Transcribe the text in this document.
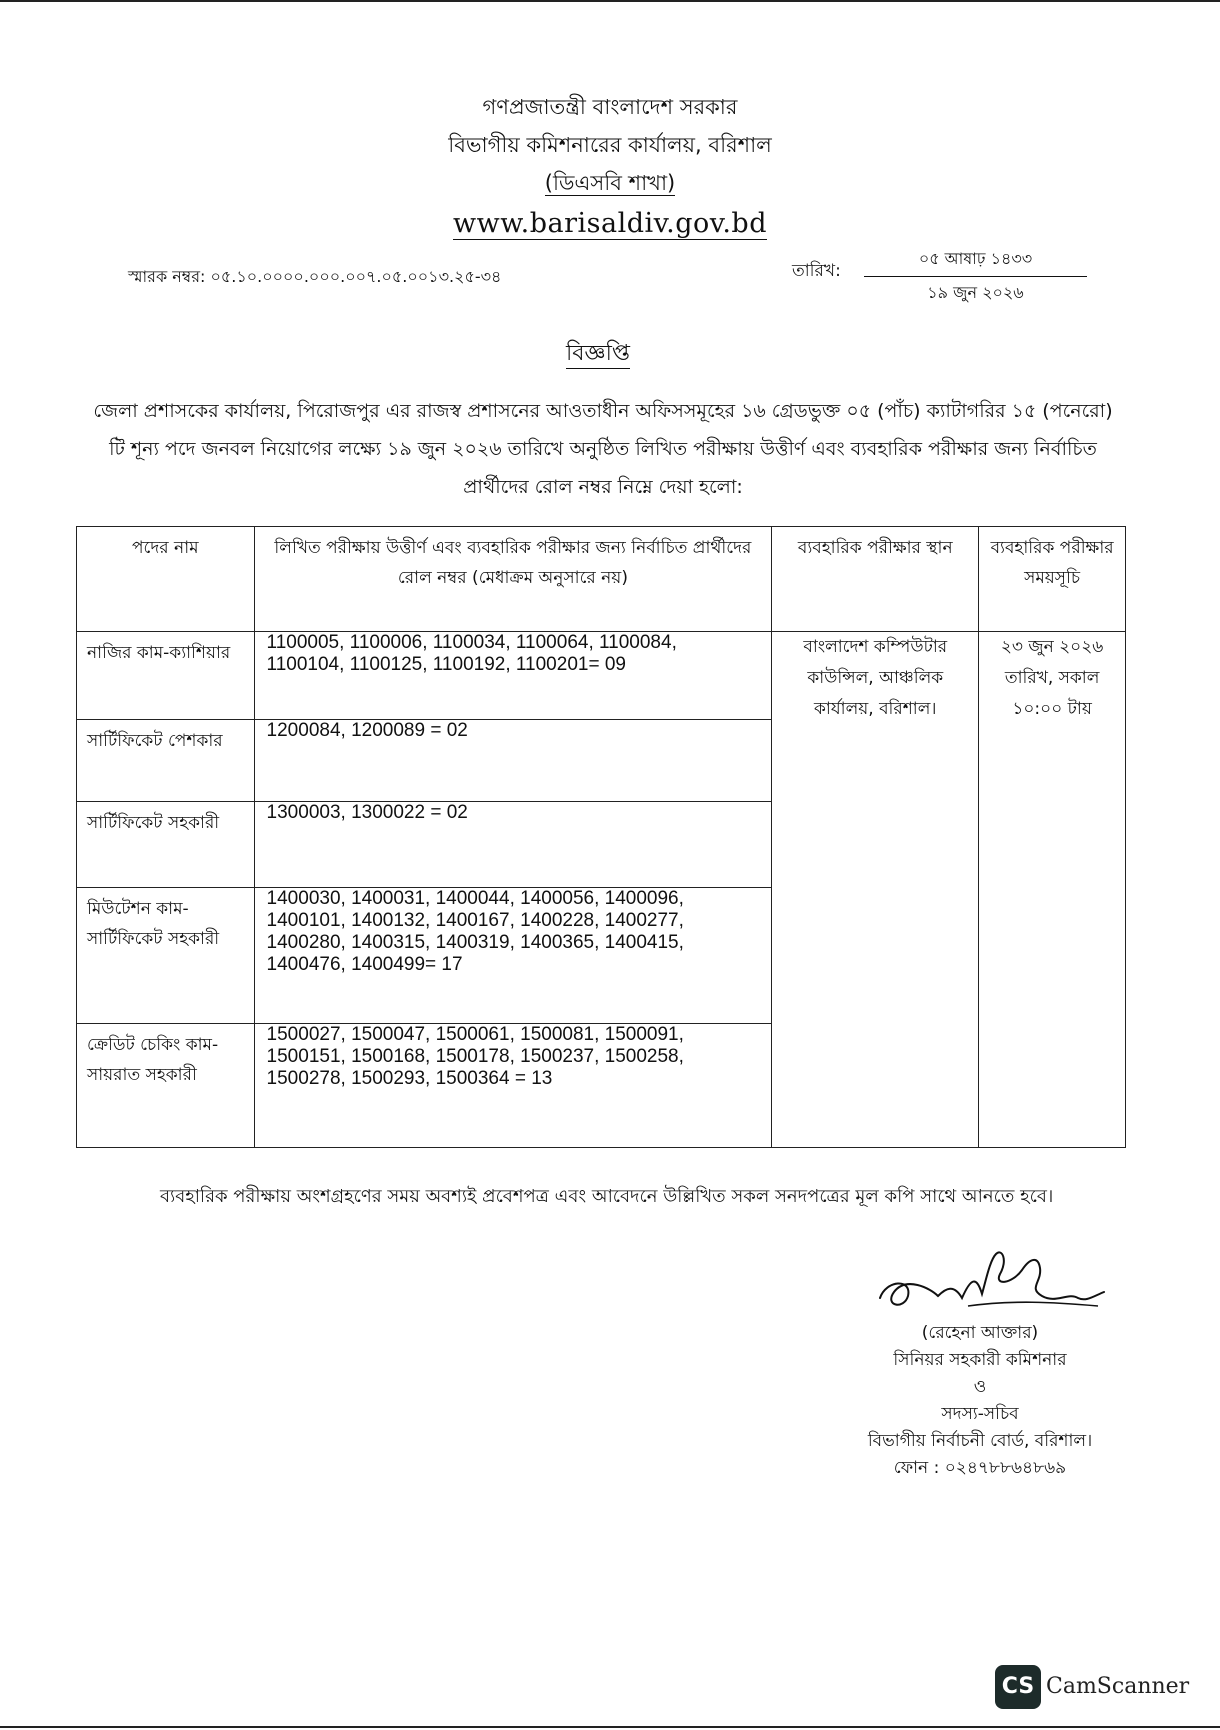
গণপ্রজাতন্ত্রী বাংলাদেশ সরকার
বিভাগীয় কমিশনারের কার্যালয়, বরিশাল
(ডিএসবি শাখা)
www.barisaldiv.gov.bd
স্মারক নম্বর: ০৫.১০.০০০০.০০০.০০৭.০৫.০০১৩.২৫-৩৪	তারিখ:
০৫ আষাঢ় ১৪৩৩
১৯ জুন ২০২৬
বিজ্ঞপ্তি
জেলা প্রশাসকের কার্যালয়, পিরোজপুর এর রাজস্ব প্রশাসনের আওতাধীন অফিসসমূহের ১৬ গ্রেডভুক্ত ০৫ (পাঁচ) ক্যাটাগরির ১৫ (পনেরো) টি শূন্য পদে জনবল নিয়োগের লক্ষ্যে ১৯ জুন ২০২৬ তারিখে অনুষ্ঠিত লিখিত পরীক্ষায় উত্তীর্ণ এবং ব্যবহারিক পরীক্ষার জন্য নির্বাচিত প্রার্থীদের রোল নম্বর নিম্নে দেয়া হলো:
পদের নাম	লিখিত পরীক্ষায় উত্তীর্ণ এবং ব্যবহারিক পরীক্ষার জন্য নির্বাচিত প্রার্থীদের রোল নম্বর (মেধাক্রম অনুসারে নয়)	ব্যবহারিক পরীক্ষার স্থান	ব্যবহারিক পরীক্ষার সময়সূচি
নাজির কাম-ক্যাশিয়ার	1100005, 1100006, 1100034, 1100064, 1100084, 1100104, 1100125, 1100192, 1100201= 09	বাংলাদেশ কম্পিউটার কাউন্সিল, আঞ্চলিক কার্যালয়, বরিশাল।	২৩ জুন ২০২৬ তারিখ, সকাল ১০:০০ টায়
সার্টিফিকেট পেশকার	1200084, 1200089 = 02		
সার্টিফিকেট সহকারী	1300003, 1300022 = 02		
মিউটেশন কাম-সার্টিফিকেট সহকারী	1400030, 1400031, 1400044, 1400056, 1400096, 1400101, 1400132, 1400167, 1400228, 1400277, 1400280, 1400315, 1400319, 1400365, 1400415, 1400476, 1400499= 17		
ক্রেডিট চেকিং কাম-সায়রাত সহকারী	1500027, 1500047, 1500061, 1500081, 1500091, 1500151, 1500168, 1500178, 1500237, 1500258, 1500278, 1500293, 1500364 = 13		
ব্যবহারিক পরীক্ষায় অংশগ্রহণের সময় অবশ্যই প্রবেশপত্র এবং আবেদনে উল্লিখিত সকল সনদপত্রের মূল কপি সাথে আনতে হবে।
(রেহেনা আক্তার)
সিনিয়র সহকারী কমিশনার
ও
সদস্য-সচিব
বিভাগীয় নির্বাচনী বোর্ড, বরিশাল।
ফোন : ০২৪৭৮৮৬৪৮৬৯
CS CamScanner
